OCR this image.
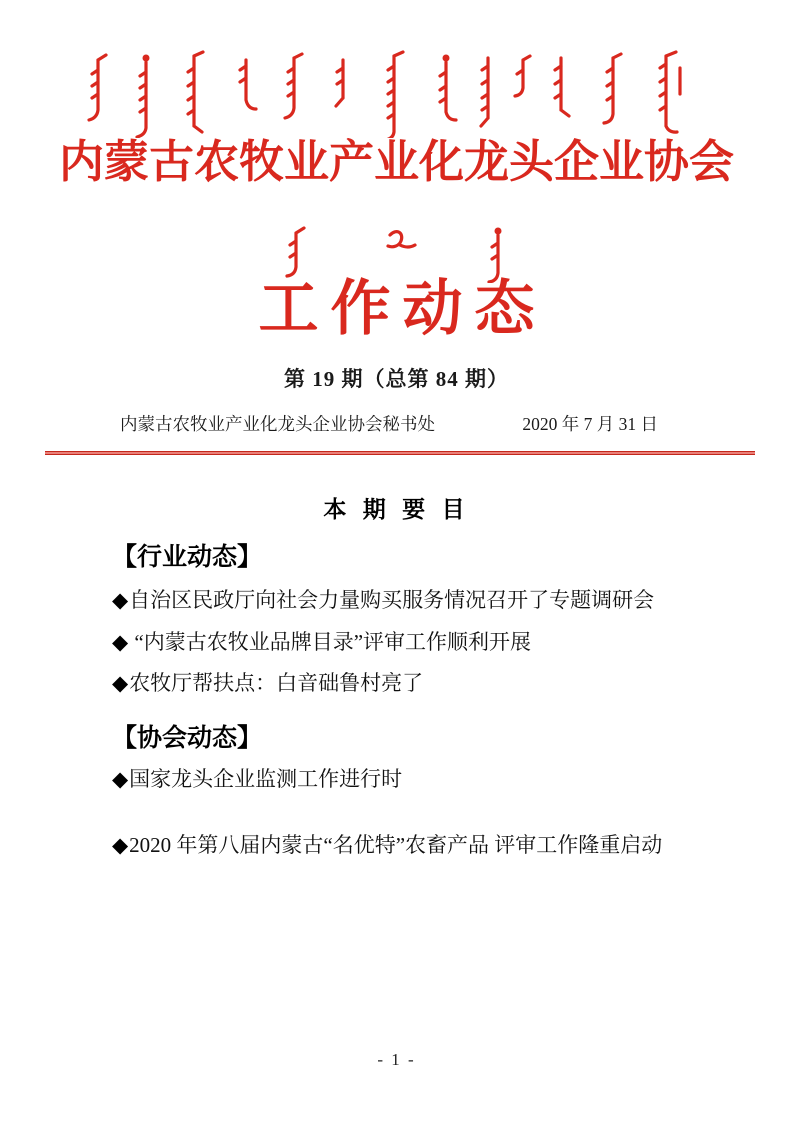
内蒙古农牧业产业化龙头企业协会
工作动态
第 19 期（总第 84 期）
内蒙古农牧业产业化龙头企业协会秘书处	2020 年 7 月 31 日
本 期 要 目
【行业动态】
◆自治区民政厅向社会力量购买服务情况召开了专题调研会
◆ “内蒙古农牧业品牌目录”评审工作顺利开展
◆农牧厅帮扶点：白音础鲁村亮了
【协会动态】
◆国家龙头企业监测工作进行时
◆2020 年第八届内蒙古“名优特”农畜产品 评审工作隆重启动
- 1 -
